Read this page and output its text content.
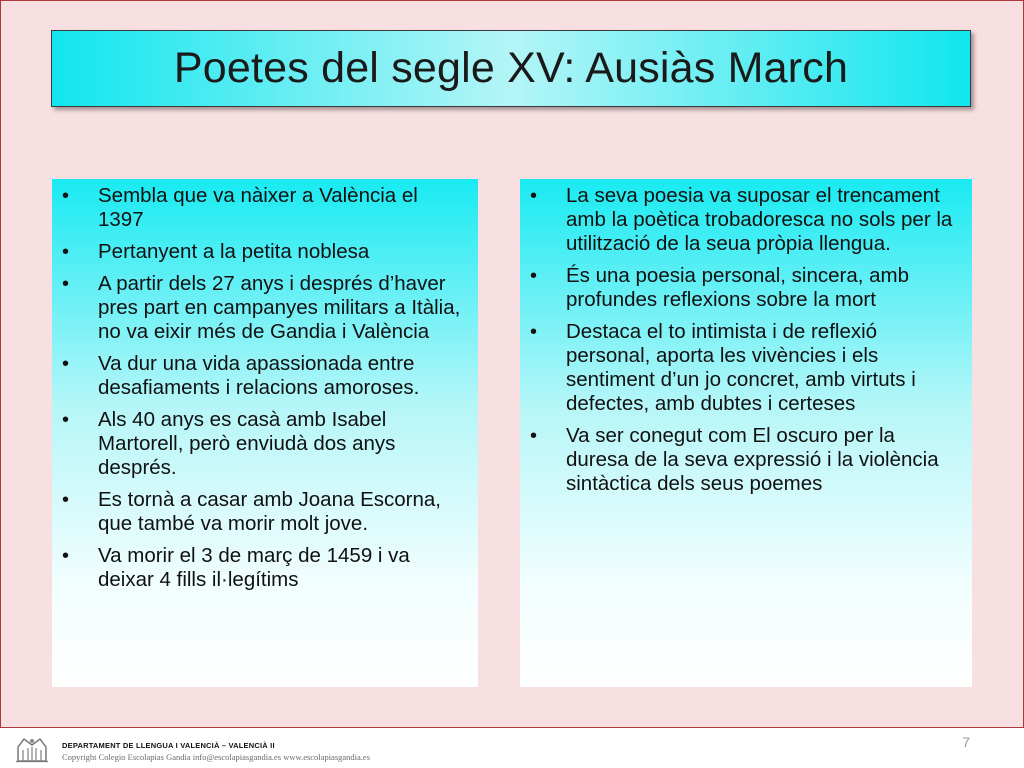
Poetes del segle XV: Ausiàs March
• Sembla que va nàixer a València el 1397
• Pertanyent a la petita noblesa
• A partir dels 27 anys i després d’haver pres part en campanyes militars a Itàlia, no va eixir més de Gandia i València
• Va dur una vida apassionada entre desafiaments i relacions amoroses.
• Als 40 anys es casà amb Isabel Martorell, però enviudà dos anys després.
• Es tornà a casar amb Joana Escorna, que també va morir molt jove.
• Va morir el 3 de març de 1459 i va deixar 4 fills il·legítims
• La seva poesia va suposar el trencament amb la poètica trobadoresca no sols per la utilització de la seua pròpia llengua.
• És una poesia personal, sincera, amb profundes reflexions sobre la mort
• Destaca el to intimista i de reflexió personal, aporta les vivències i els sentiment d’un jo concret, amb virtuts i defectes, amb dubtes i certeses
• Va ser conegut com El oscuro per la duresa de la seva expressió i la violència sintàctica dels seus poemes
DEPARTAMENT DE LLENGUA I VALENCIÀ – VALENCIÀ II
Copyright Colegio Escolapias Gandia info@escolapiasgandia.es www.escolapiasgandia.es
7
